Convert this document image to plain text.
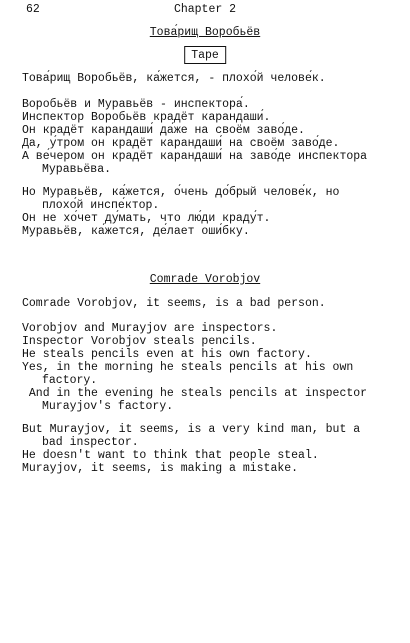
62	Chapter 2
Това́рищ Воробьёв
Tape
Това́рищ Воробьёв, ка́жется, - плохо́й челове́к.
Воробьёв и Муравьёв - инспектора́.
Инспектор Воробьёв крадёт карандаши́.
Он крадёт карандаши́ да́же на своём заво́де.
Да, у́тром он крадёт карандаши́ на своём заво́де.
А ве́чером он крадёт карандаши́ на заво́де инспектора
Муравьёва.
Но Муравьёв, ка́жется, о́чень до́брый челове́к, но
плохо́й инспе́ктор.
Он не хо́чет ду́мать, что лю́ди краду́т.
Муравьёв, ка́жется, де́лает оши́бку.
Comrade Vorobjov
Comrade Vorobjov, it seems, is a bad person.
Vorobjov and Murayjov are inspectors.
Inspector Vorobjov steals pencils.
He steals pencils even at his own factory.
Yes, in the morning he steals pencils at his own
factory.
And in the evening he steals pencils at inspector
Murayjov's factory.
But Murayjov, it seems, is a very kind man, but a
bad inspector.
He doesn't want to think that people steal.
Murayjov, it seems, is making a mistake.
